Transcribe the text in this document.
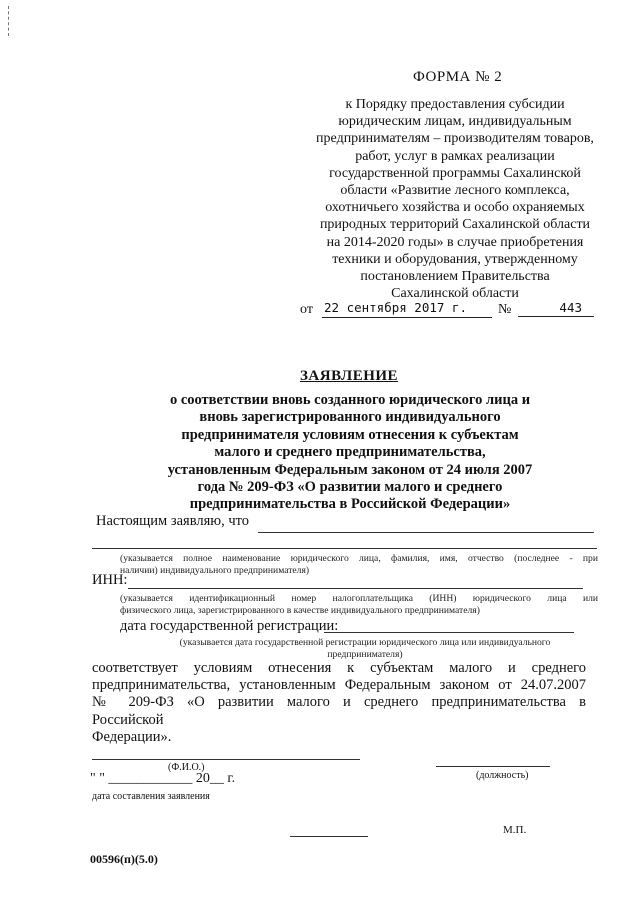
ФОРМА № 2
к Порядку предоставления субсидии
юридическим лицам, индивидуальным
предпринимателям – производителям товаров,
работ, услуг в рамках реализации
государственной программы Сахалинской
области «Развитие лесного комплекса,
охотничьего хозяйства и особо охраняемых
природных территорий Сахалинской области
на 2014-2020 годы» в случае приобретения
техники и оборудования, утвержденному
постановлением Правительства
Сахалинской области
от 22 сентября 2017 г.	№	443
ЗАЯВЛЕНИЕ
о соответствии вновь созданного юридического лица и
вновь зарегистрированного индивидуального
предпринимателя условиям отнесения к субъектам
малого и среднего предпринимательства,
установленным Федеральным законом от 24 июля 2007
года № 209-ФЗ «О развитии малого и среднего
предпринимательства в Российской Федерации»
Настоящим заявляю, что
(указывается полное наименование юридического лица, фамилия, имя, отчество (последнее - при
наличии) индивидуального предпринимателя)
ИНН:
(указывается идентификационный номер налогоплательщика (ИНН) юридического лица или
физического лица, зарегистрированного в качестве индивидуального предпринимателя)
дата государственной регистрации:
(указывается дата государственной регистрации юридического лица или индивидуального
предпринимателя)
соответствует условиям отнесения к субъектам малого и среднего
предпринимательства, установленным Федеральным законом от 24.07.2007
№ 209-ФЗ «О развитии малого и среднего предпринимательства в
Российской
Федерации».
(Ф.И.О.)
" " ____________ 20__ г.
дата составления заявления
(должность)
М.П.
00596(п)(5.0)
